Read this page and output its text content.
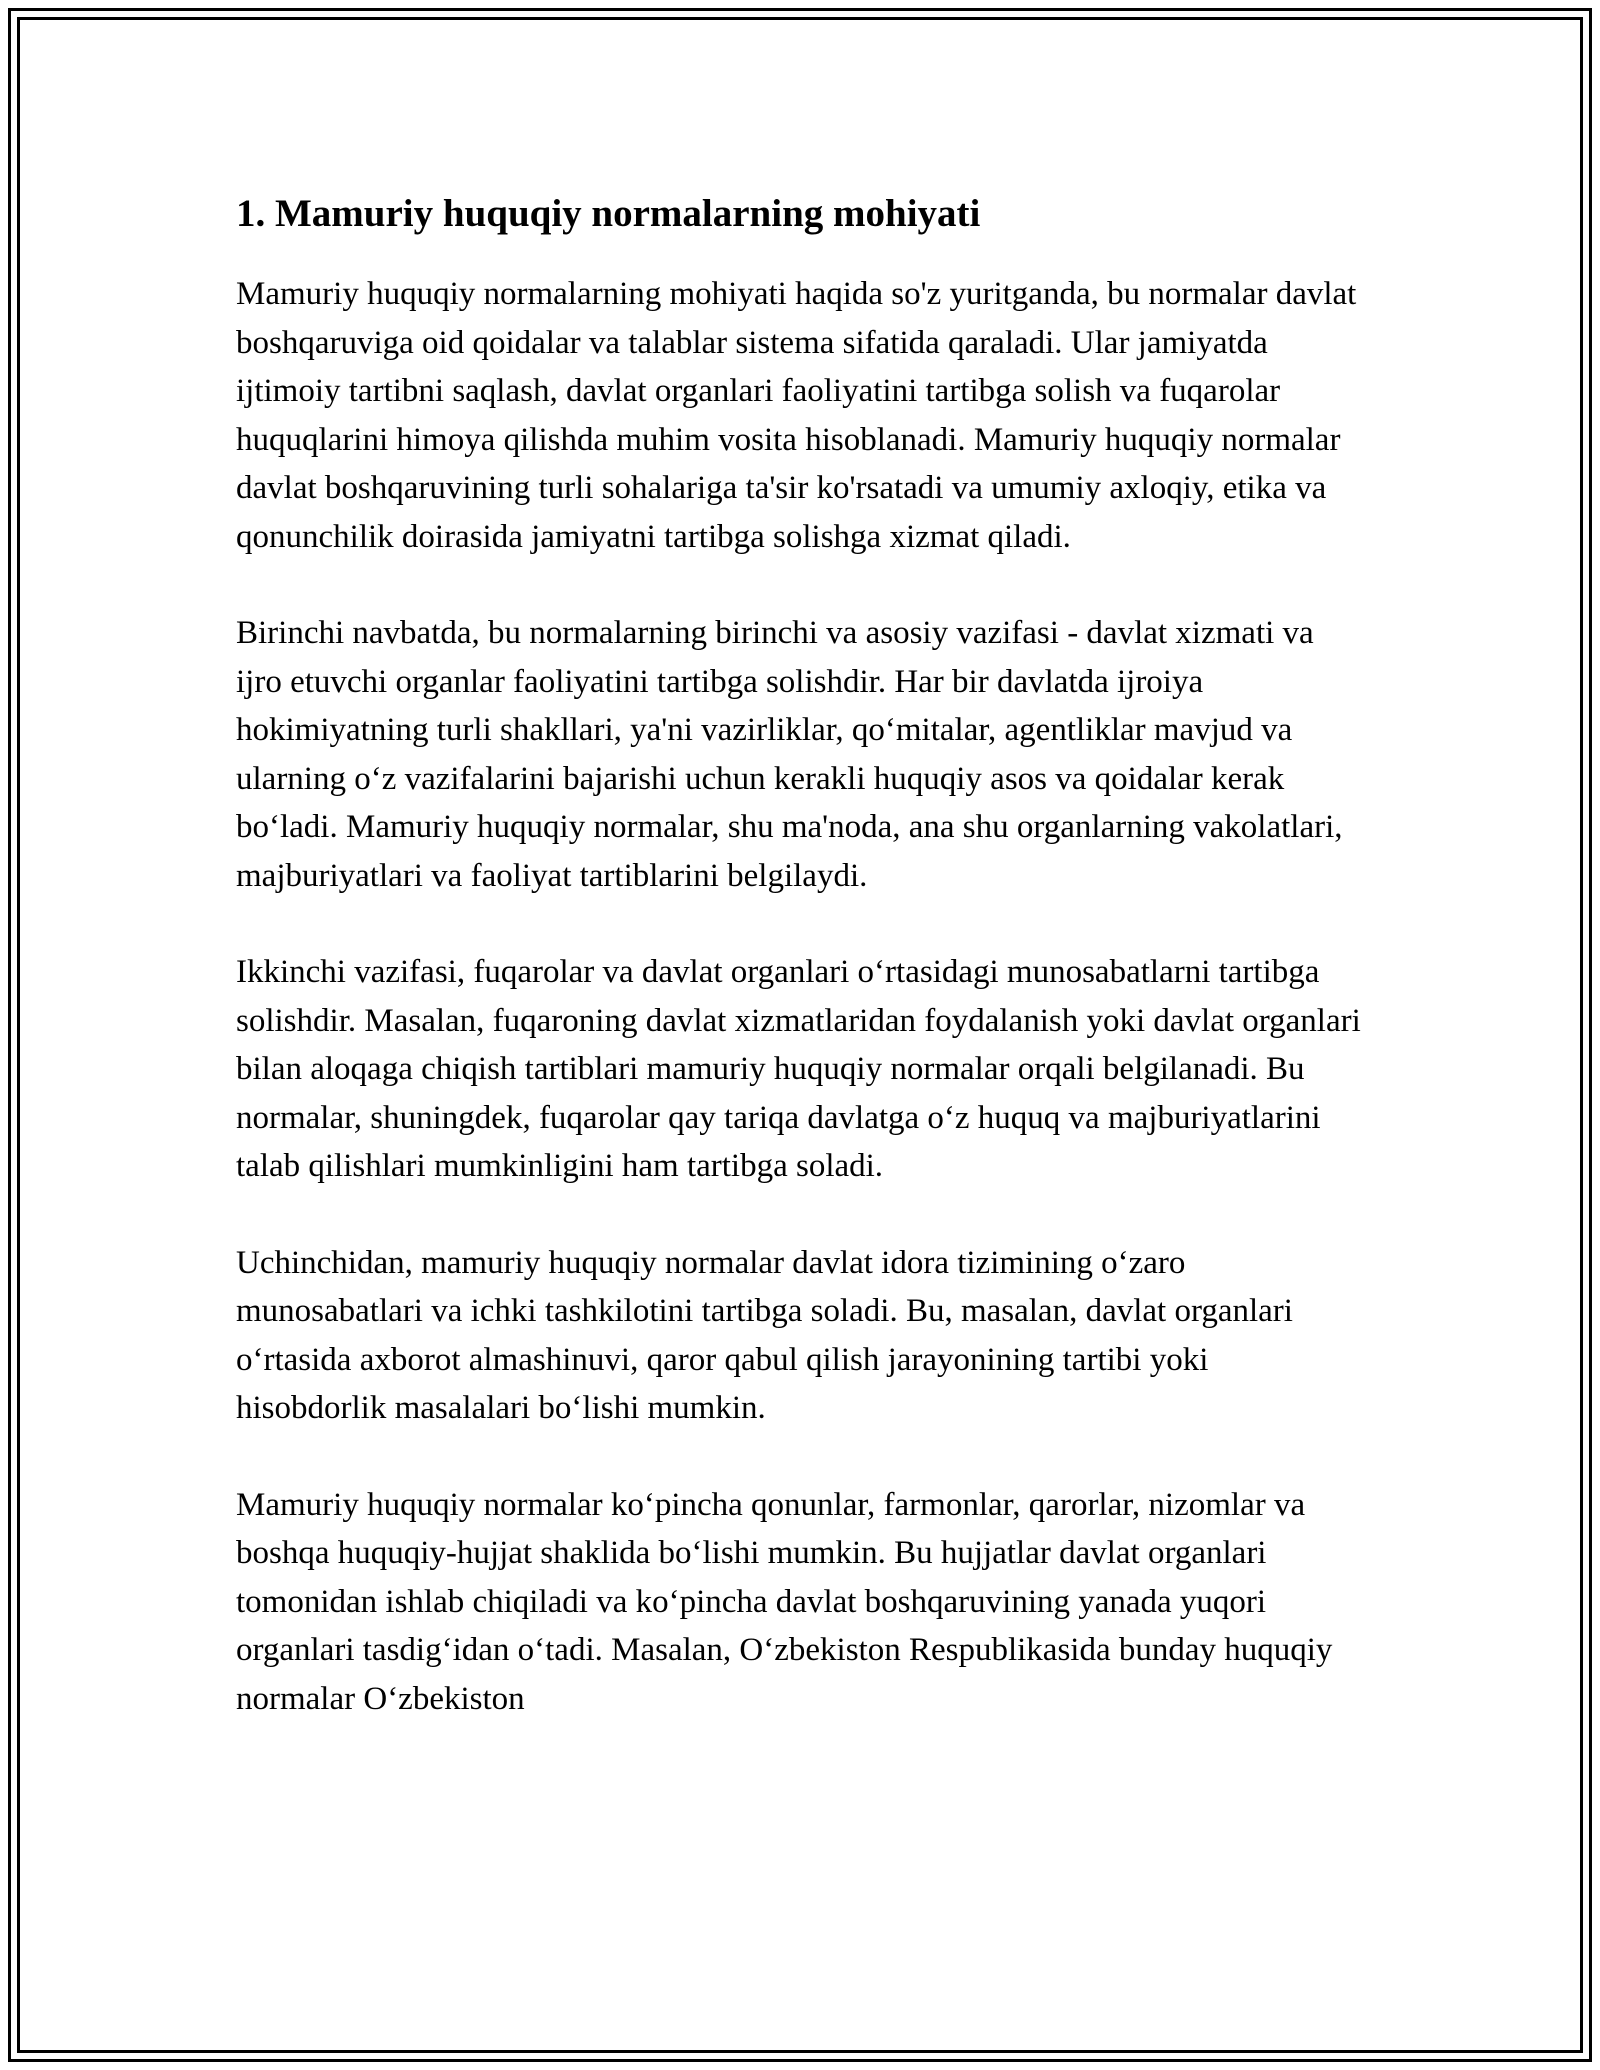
1. Mamuriy huquqiy normalarning mohiyati

Mamuriy huquqiy normalarning mohiyati haqida so'z yuritganda, bu normalar davlat boshqaruviga oid qoidalar va talablar sistema sifatida qaraladi. Ular jamiyatda ijtimoiy tartibni saqlash, davlat organlari faoliyatini tartibga solish va fuqarolar huquqlarini himoya qilishda muhim vosita hisoblanadi. Mamuriy huquqiy normalar davlat boshqaruvining turli sohalariga ta'sir ko'rsatadi va umumiy axloqiy, etika va qonunchilik doirasida jamiyatni tartibga solishga xizmat qiladi.

Birinchi navbatda, bu normalarning birinchi va asosiy vazifasi - davlat xizmati va ijro etuvchi organlar faoliyatini tartibga solishdir. Har bir davlatda ijroiya hokimiyatning turli shakllari, ya'ni vazirliklar, qo‘mitalar, agentliklar mavjud va ularning o‘z vazifalarini bajarishi uchun kerakli huquqiy asos va qoidalar kerak bo‘ladi. Mamuriy huquqiy normalar, shu ma'noda, ana shu organlarning vakolatlari, majburiyatlari va faoliyat tartiblarini belgilaydi.

Ikkinchi vazifasi, fuqarolar va davlat organlari o‘rtasidagi munosabatlarni tartibga solishdir. Masalan, fuqaroning davlat xizmatlaridan foydalanish yoki davlat organlari bilan aloqaga chiqish tartiblari mamuriy huquqiy normalar orqali belgilanadi. Bu normalar, shuningdek, fuqarolar qay tariqa davlatga o‘z huquq va majburiyatlarini talab qilishlari mumkinligini ham tartibga soladi.

Uchinchidan, mamuriy huquqiy normalar davlat idora tizimining o‘zaro munosabatlari va ichki tashkilotini tartibga soladi. Bu, masalan, davlat organlari o‘rtasida axborot almashinuvi, qaror qabul qilish jarayonining tartibi yoki hisobdorlik masalalari bo‘lishi mumkin.

Mamuriy huquqiy normalar ko‘pincha qonunlar, farmonlar, qarorlar, nizomlar va boshqa huquqiy-hujjat shaklida bo‘lishi mumkin. Bu hujjatlar davlat organlari tomonidan ishlab chiqiladi va ko‘pincha davlat boshqaruvining yanada yuqori organlari tasdig‘idan o‘tadi. Masalan, O‘zbekiston Respublikasida bunday huquqiy normalar O‘zbekiston
